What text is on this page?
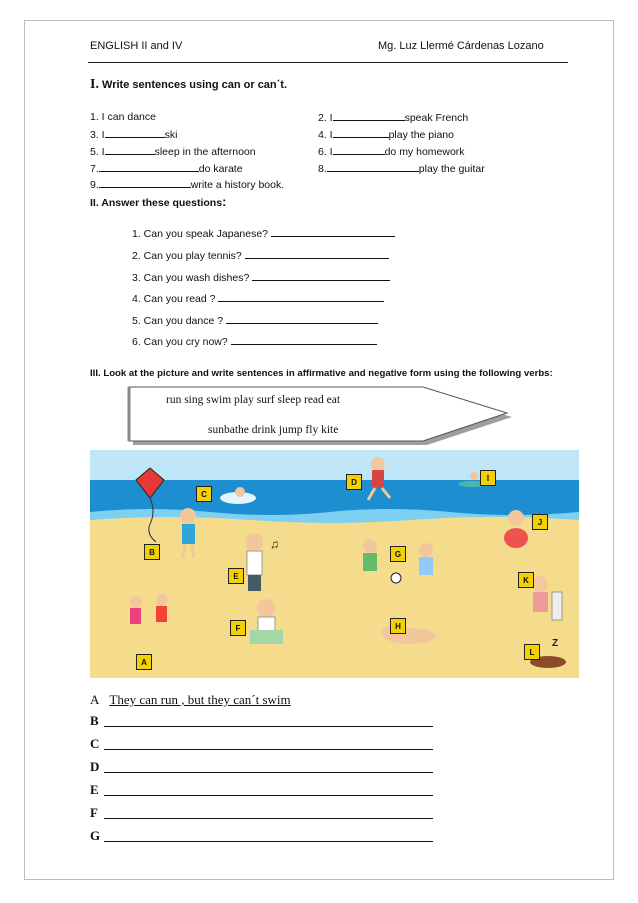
ENGLISH II and IV	Mg. Luz Llermé Cárdenas Lozano
I. Write sentences using can or can´t.
1. I can dance	2. I	speak French
3. I	ski	4. I	play the piano
5. I	sleep in the afternoon	6. I	do my homework
7.	do karate	8.	play the guitar
9.	write a history book.
II. Answer these questions:
1. Can you speak Japanese?
2. Can you play tennis?
3. Can you wash dishes?
4. Can you read ?
5. Can you dance ?
6. Can you cry now?
III. Look at the picture and write sentences in affirmative and negative form using the following verbs:
run sing swim play surf sleep read eat
sunbathe drink jump fly kite
♫
Z
A
B
C
D
E
F
G
H
I
J
K
L
A They can run , but they can´t swim
B
C
D
E
F
G
